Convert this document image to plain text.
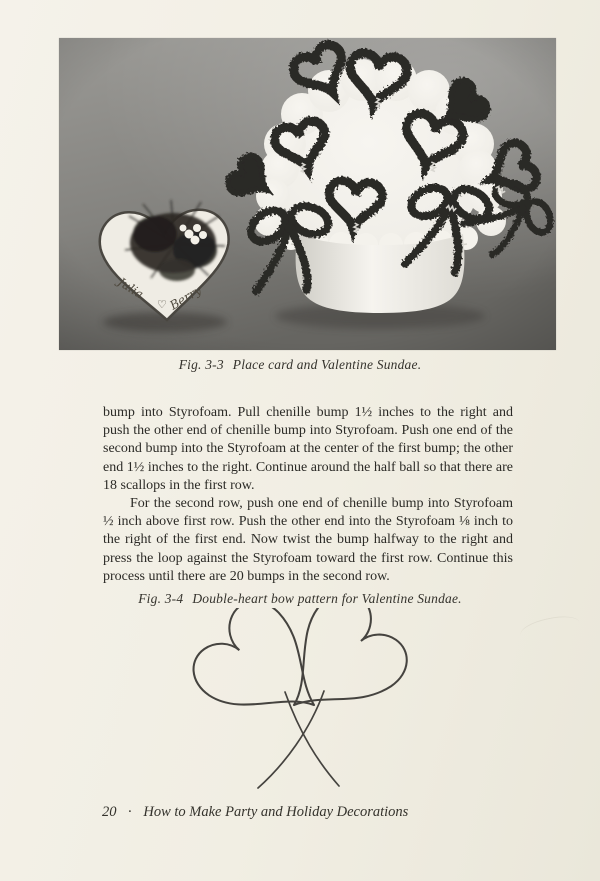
Fig. 3-3 Place card and Valentine Sundae.

bump into Styrofoam. Pull chenille bump 1½ inches to the right and push the other end of chenille bump into Styrofoam. Push one end of the second bump into the Styrofoam at the center of the first bump; the other end 1½ inches to the right. Continue around the half ball so that there are 18 scallops in the first row.

For the second row, push one end of chenille bump into Styrofoam ½ inch above first row. Push the other end into the Styrofoam ⅛ inch to the right of the first end. Now twist the bump halfway to the right and press the loop against the Styrofoam toward the first row. Continue this process until there are 20 bumps in the second row.

Fig. 3-4 Double-heart bow pattern for Valentine Sundae.
20 · How to Make Party and Holiday Decorations
